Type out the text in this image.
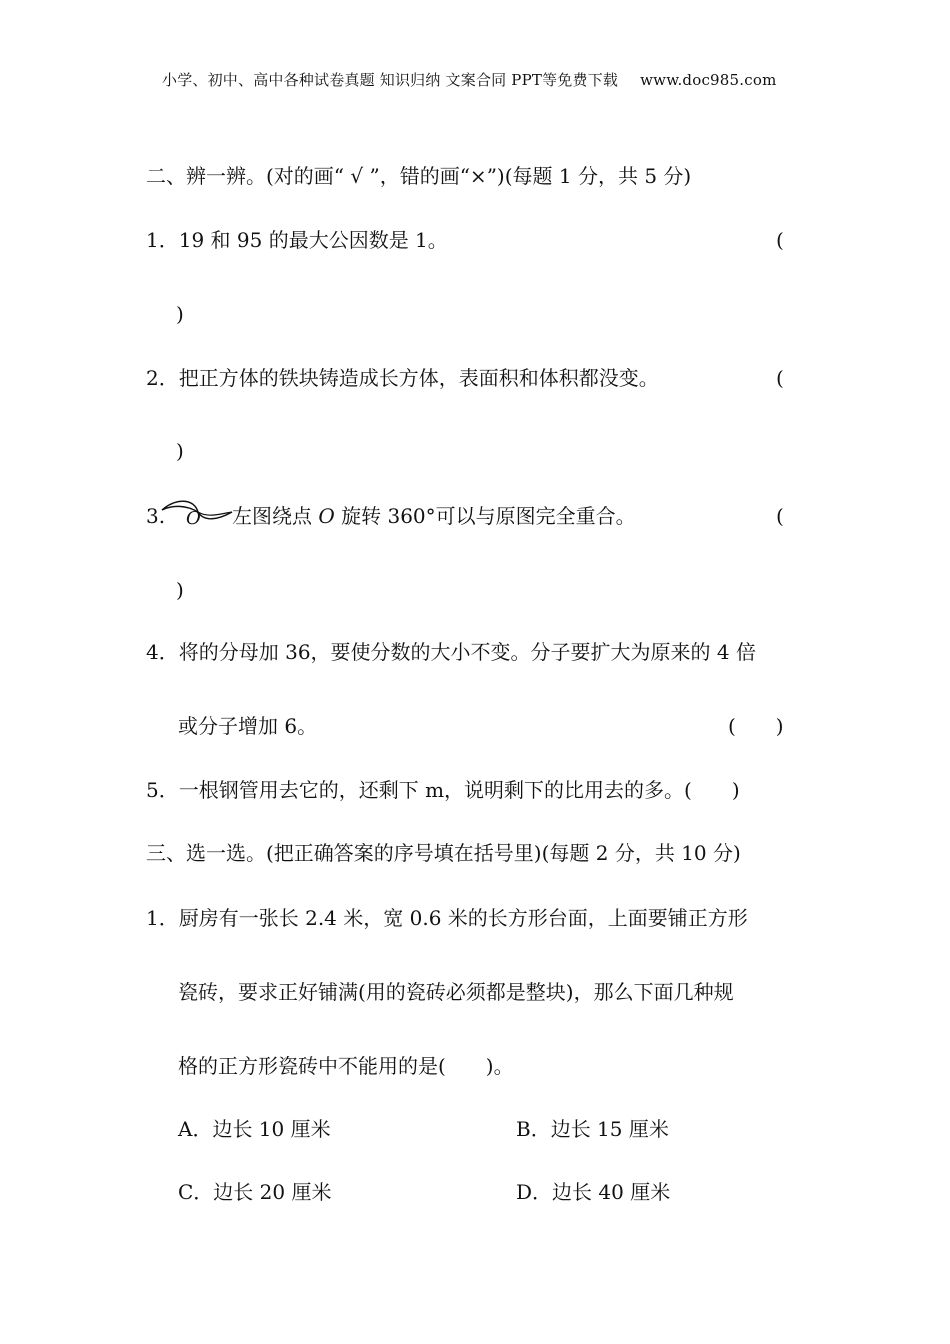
小学、初中、高中各种试卷真题 知识归纳 文案合同 PPT等免费下载 www.doc985.com
二、辨一辨。(对的画“ √ ”，错的画“×”)(每题 1 分，共 5 分)
1．19 和 95 的最大公因数是 1。	(
)
2．把正方体的铁块铸造成长方体，表面积和体积都没变。	(
)
3. O 左图绕点 O 旋转 360°可以与原图完全重合。	(
)
4．将的分母加 36，要使分数的大小不变。分子要扩大为原来的 4 倍
或分子增加 6。	(　　)
5．一根钢管用去它的，还剩下 m，说明剩下的比用去的多。(　　)
三、选一选。(把正确答案的序号填在括号里)(每题 2 分，共 10 分)
1．厨房有一张长 2.4 米，宽 0.6 米的长方形台面，上面要铺正方形
瓷砖，要求正好铺满(用的瓷砖必须都是整块)，那么下面几种规
格的正方形瓷砖中不能用的是(　　)。
A．边长 10 厘米	B．边长 15 厘米
C．边长 20 厘米	D．边长 40 厘米
